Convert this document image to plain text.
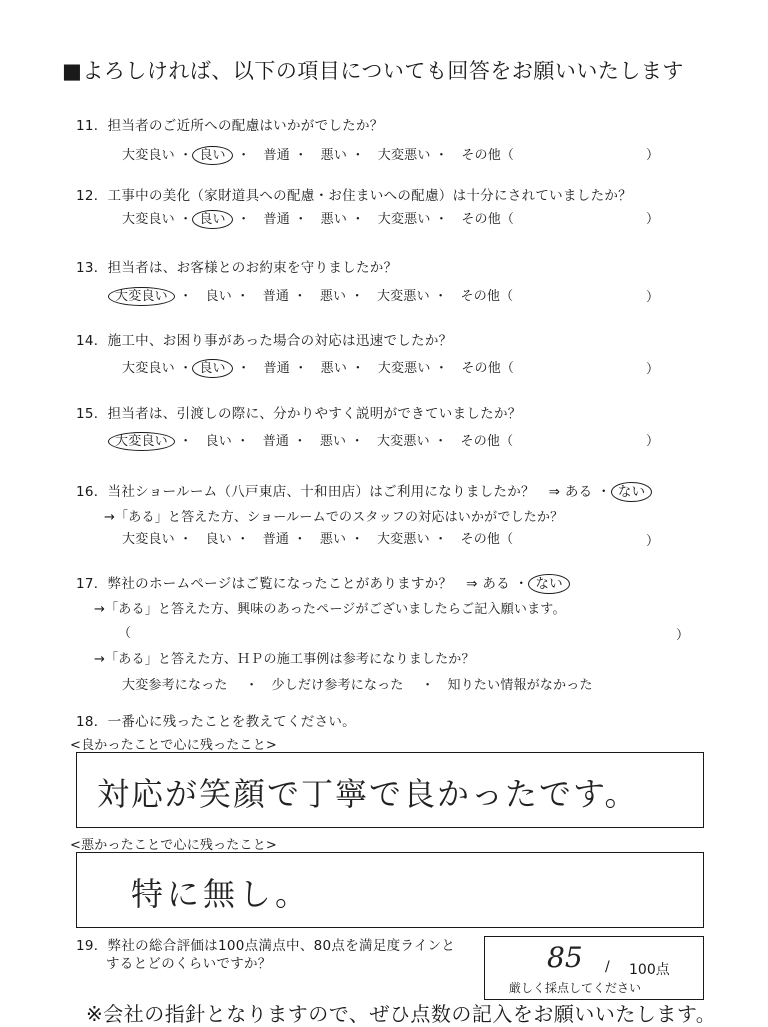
■よろしければ、以下の項目についても回答をお願いいたします
11．担当者のご近所への配慮はいかがでしたか？
大変良い ・ 良い ・　普通 ・　悪い ・　大変悪い ・　その他（	）
12．工事中の美化（家財道具への配慮・お住まいへの配慮）は十分にされていましたか？
大変良い ・ 良い ・　普通 ・　悪い ・　大変悪い ・　その他（	）
13．担当者は、お客様とのお約束を守りましたか？
大変良い ・　良い ・　普通 ・　悪い ・　大変悪い ・　その他（	）
14．施工中、お困り事があった場合の対応は迅速でしたか？
大変良い ・ 良い ・　普通 ・　悪い ・　大変悪い ・　その他（	）
15．担当者は、引渡しの際に、分かりやすく説明ができていましたか？
大変良い ・　良い ・　普通 ・　悪い ・　大変悪い ・　その他（	）
16．当社ショールーム（八戸東店、十和田店）はご利用になりましたか？　⇒ ある ・ ない
→「ある」と答えた方、ショールームでのスタッフの対応はいかがでしたか？
大変良い ・　良い ・　普通 ・　悪い ・　大変悪い ・　その他（	）
17．弊社のホームページはご覧になったことがありますか？　⇒ ある ・ ない
→「ある」と答えた方、興味のあったページがございましたらご記入願います。
（	）
→「ある」と答えた方、ＨＰの施工事例は参考になりましたか？
大変参考になった 　・　少しだけ参考になった 　・　知りたい情報がなかった
18．一番心に残ったことを教えてください。
<良かったことで心に残ったこと>
対応が笑顔で丁寧で良かったです。
<悪かったことで心に残ったこと>
特に無し。
19．弊社の総合評価は100点満点中、80点を満足度ラインと
するとどのくらいですか？	85 / 100点
厳しく採点してください
※会社の指針となりますので、ぜひ点数の記入をお願いいたします。
